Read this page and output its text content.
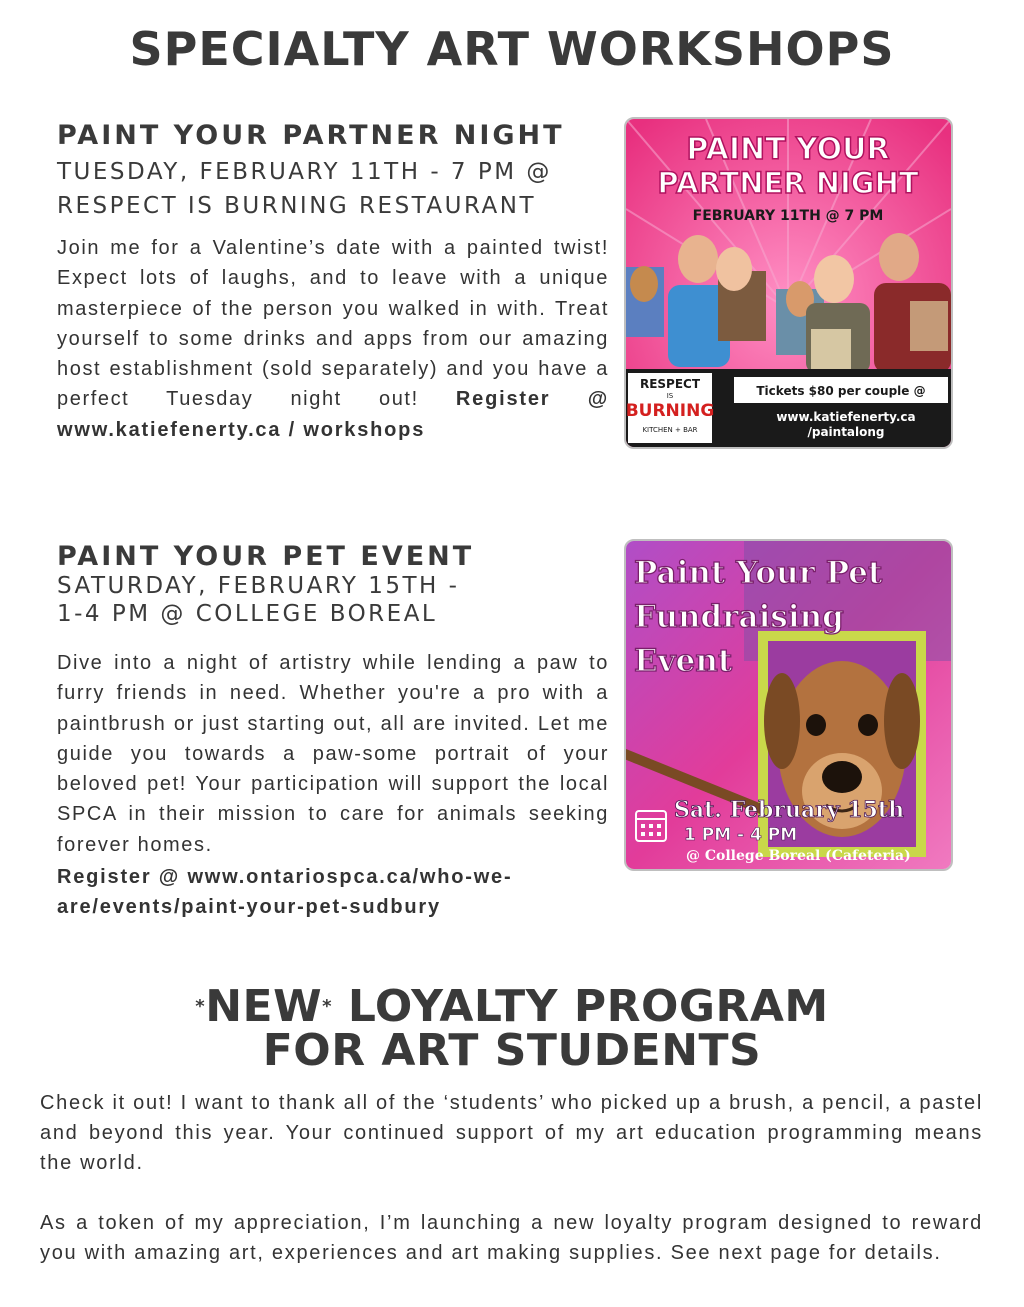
SPECIALTY ART WORKSHOPS
PAINT YOUR PARTNER NIGHT

TUESDAY, FEBRUARY 11TH - 7 PM @
RESPECT IS BURNING RESTAURANT

Join me for a Valentine’s date with a painted twist! Expect lots of laughs, and to leave with a unique masterpiece of the person you walked in with. Treat yourself to some drinks and apps from our amazing host establishment (sold separately) and you have a perfect Tuesday night out! Register @ www.katiefenerty.ca / workshops

PAINT YOUR
PARTNER NIGHT
FEBRUARY 11TH @ 7 PM
RESPECT
IS
BURNING
KITCHEN + BAR
Tickets $80 per couple @
www.katiefenerty.ca
/paintalong
PAINT YOUR PET EVENT

SATURDAY, FEBRUARY 15TH -
1-4 PM @ COLLEGE BOREAL

Dive into a night of artistry while lending a paw to furry friends in need. Whether you're a pro with a paintbrush or just starting out, all are invited. Let me guide you towards a paw-some portrait of your beloved pet! Your participation will support the local SPCA in their mission to care for animals seeking forever homes.

Register @ www.ontariospca.ca/who-we-are/events/paint-your-pet-sudbury

Paint Your Pet
Fundraising
Event
Sat. February 15th
1 PM - 4 PM
@ College Boreal (Cafeteria)
*NEW* LOYALTY PROGRAM
FOR ART STUDENTS

Check it out! I want to thank all of the ‘students’ who picked up a brush, a pencil, a pastel and beyond this year. Your continued support of my art education programming means the world.

As a token of my appreciation, I’m launching a new loyalty program designed to reward you with amazing art, experiences and art making supplies. See next page for details.
